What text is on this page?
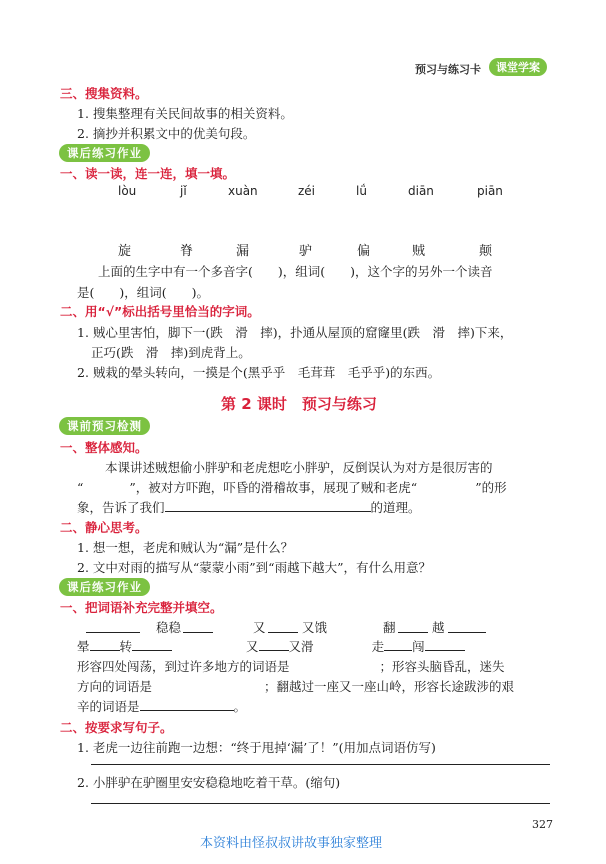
预习与练习卡	课堂学案
三、搜集资料。
1. 搜集整理有关民间故事的相关资料。
2. 摘抄并积累文中的优美句段。
课后练习作业
一、读一读，连一连，填一填。
lòu	jǐ	xuàn	zéi	lǘ	diān	piān
旋	脊	漏	驴	偏	贼	颠
上面的生字中有一个多音字(　　)，组词(　　)，这个字的另外一个读音
是(　　)，组词(　　)。
二、用“√”标出括号里恰当的字词。
1. 贼心里害怕，脚下一(跌　滑　摔)，扑通从屋顶的窟窿里(跌　滑　摔)下来，
正巧(跌　滑　摔)到虎背上。
2. 贼栽的晕头转向，一摸是个(黑乎乎　毛茸茸　毛乎乎)的东西。
第 2 课时　预习与练习
课前预习检测
一、整体感知。
本课讲述贼想偷小胖驴和老虎想吃小胖驴，反倒误认为对方是很厉害的
“	”，被对方吓跑，吓昏的滑稽故事，展现了贼和老虎“	”的形
象，告诉了我们	的道理。
二、静心思考。
1. 想一想，老虎和贼认为“漏”是什么？
2. 文中对雨的描写从“蒙蒙小雨”到“雨越下越大”，有什么用意？
课后练习作业
一、把词语补充完整并填空。
稳稳	又	又饿	翻	越
晕 转	又 又滑	走 闯
形容四处闯荡，到过许多地方的词语是	；形容头脑昏乱，迷失
方向的词语是	；翻越过一座又一座山岭，形容长途跋涉的艰
辛的词语是	。
二、按要求写句子。
1. 老虎一边往前跑一边想：“终于甩掉‘漏’了！”(用加点词语仿写)
2. 小胖驴在驴圈里安安稳稳地吃着干草。(缩句)
327
本资料由怪叔叔讲故事独家整理
